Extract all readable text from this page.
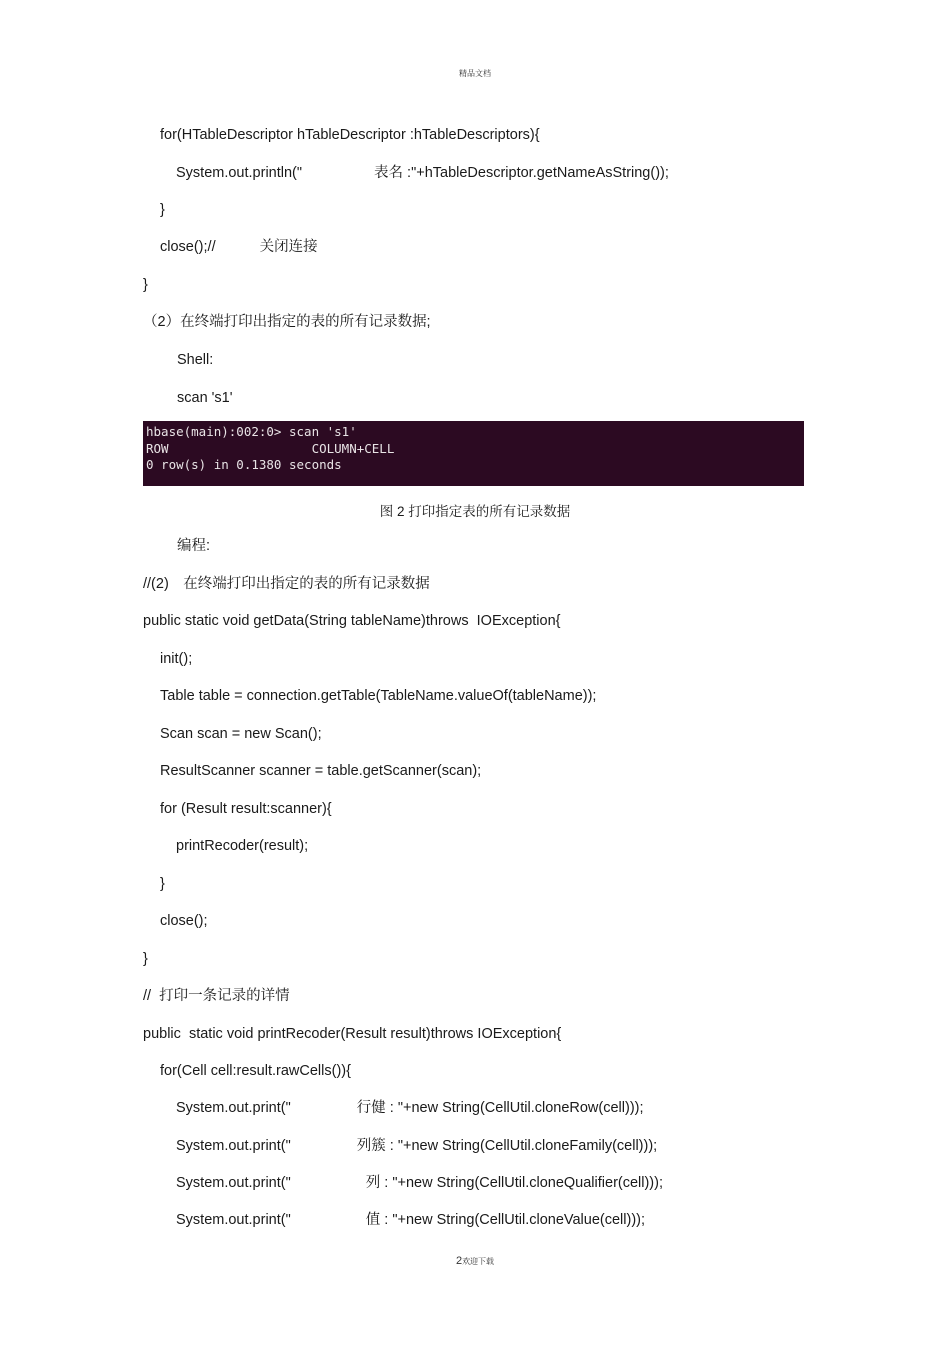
精品文档
for(HTableDescriptor hTableDescriptor :hTableDescriptors){
System.out.println("	表名 :"+hTableDescriptor.getNameAsString());
}
close();//	关闭连接
}
（2）在终端打印出指定的表的所有记录数据;
Shell:
scan 's1'
hbase(main):002:0> scan 's1'
ROW                   COLUMN+CELL
0 row(s) in 0.1380 seconds
图 2 打印指定表的所有记录数据
编程:
//(2)　在终端打印出指定的表的所有记录数据
public static void getData(String tableName)throws  IOException{
init();
Table table = connection.getTable(TableName.valueOf(tableName));
Scan scan = new Scan();
ResultScanner scanner = table.getScanner(scan);
for (Result result:scanner){
printRecoder(result);
}
close();
}
//  打印一条记录的详情
public  static void printRecoder(Result result)throws IOException{
for(Cell cell:result.rawCells()){
System.out.print("	行健 : "+new String(CellUtil.cloneRow(cell)));
System.out.print("	列簇 : "+new String(CellUtil.cloneFamily(cell)));
System.out.print("	列 : "+new String(CellUtil.cloneQualifier(cell)));
System.out.print("	值 : "+new String(CellUtil.cloneValue(cell)));
2欢迎下载
